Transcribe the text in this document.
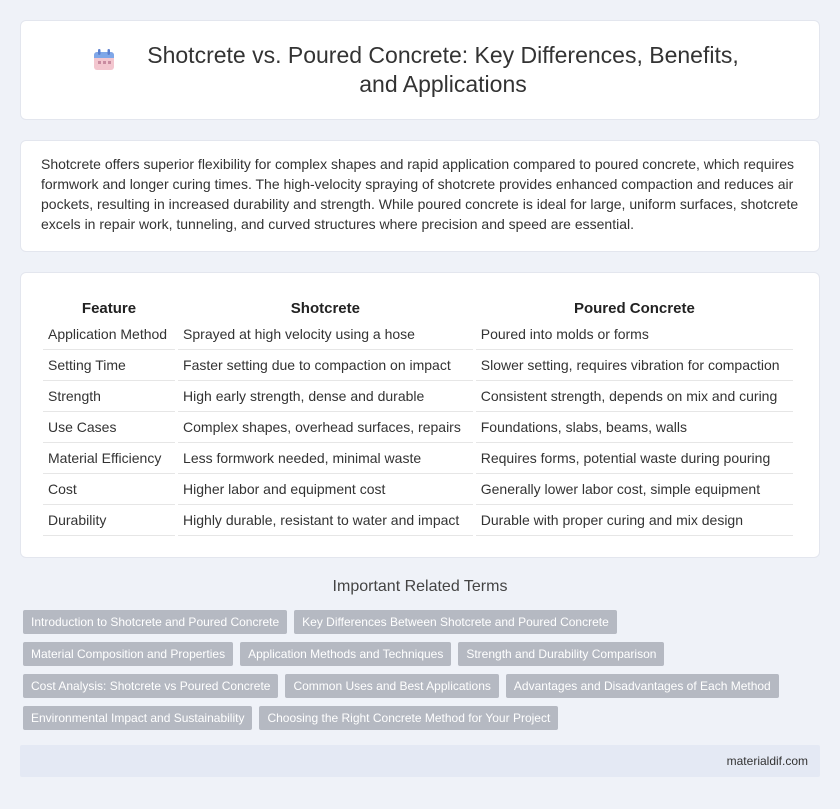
Shotcrete vs. Poured Concrete: Key Differences, Benefits, and Applications

Shotcrete offers superior flexibility for complex shapes and rapid application compared to poured concrete, which requires formwork and longer curing times. The high-velocity spraying of shotcrete provides enhanced compaction and reduces air pockets, resulting in increased durability and strength. While poured concrete is ideal for large, uniform surfaces, shotcrete excels in repair work, tunneling, and curved structures where precision and speed are essential.

Feature	Shotcrete	Poured Concrete
Application Method	Sprayed at high velocity using a hose	Poured into molds or forms
Setting Time	Faster setting due to compaction on impact	Slower setting, requires vibration for compaction
Strength	High early strength, dense and durable	Consistent strength, depends on mix and curing
Use Cases	Complex shapes, overhead surfaces, repairs	Foundations, slabs, beams, walls
Material Efficiency	Less formwork needed, minimal waste	Requires forms, potential waste during pouring
Cost	Higher labor and equipment cost	Generally lower labor cost, simple equipment
Durability	Highly durable, resistant to water and impact	Durable with proper curing and mix design
Important Related Terms
Introduction to Shotcrete and Poured Concrete	Key Differences Between Shotcrete and Poured Concrete
Material Composition and Properties	Application Methods and Techniques	Strength and Durability Comparison
Cost Analysis: Shotcrete vs Poured Concrete	Common Uses and Best Applications	Advantages and Disadvantages of Each Method
Environmental Impact and Sustainability	Choosing the Right Concrete Method for Your Project
materialdif.com
